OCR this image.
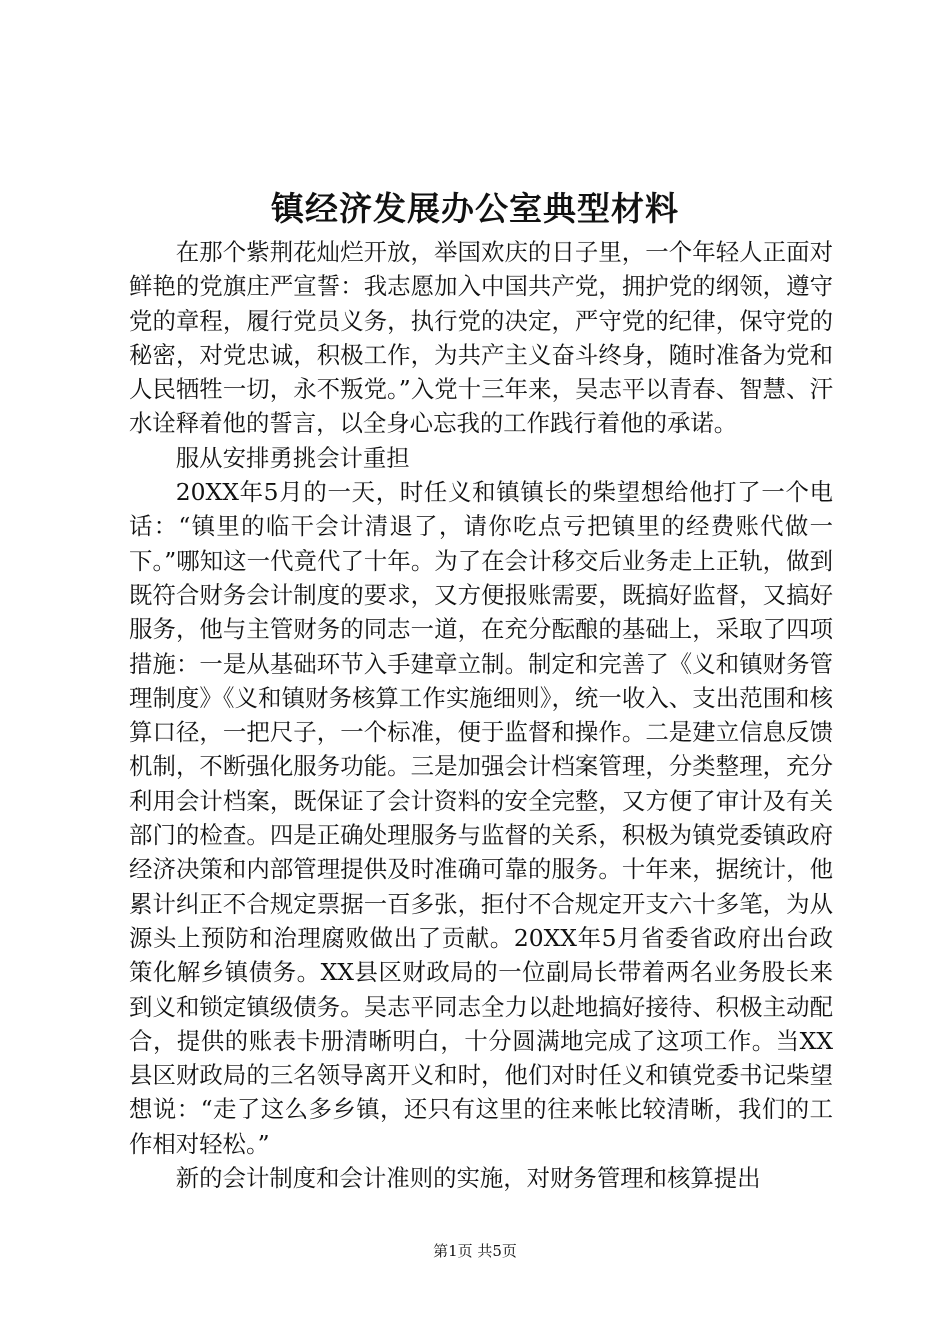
镇经济发展办公室典型材料

在那个紫荆花灿烂开放，举国欢庆的日子里，一个年轻人正面对鲜艳的党旗庄严宣誓：我志愿加入中国共产党，拥护党的纲领，遵守党的章程，履行党员义务，执行党的决定，严守党的纪律，保守党的秘密，对党忠诚，积极工作，为共产主义奋斗终身，随时准备为党和人民牺牲一切，永不叛党。”入党十三年来，吴志平以青春、智慧、汗水诠释着他的誓言，以全身心忘我的工作践行着他的承诺。

服从安排勇挑会计重担

20XX年5月的一天，时任义和镇镇长的柴望想给他打了一个电话：“镇里的临干会计清退了，请你吃点亏把镇里的经费账代做一下。”哪知这一代竟代了十年。为了在会计移交后业务走上正轨，做到既符合财务会计制度的要求，又方便报账需要，既搞好监督，又搞好服务，他与主管财务的同志一道，在充分酝酿的基础上，采取了四项措施：一是从基础环节入手建章立制。制定和完善了《义和镇财务管理制度》《义和镇财务核算工作实施细则》，统一收入、支出范围和核算口径，一把尺子，一个标准，便于监督和操作。二是建立信息反馈机制，不断强化服务功能。三是加强会计档案管理，分类整理，充分利用会计档案，既保证了会计资料的安全完整，又方便了审计及有关部门的检查。四是正确处理服务与监督的关系，积极为镇党委镇政府经济决策和内部管理提供及时准确可靠的服务。十年来，据统计，他累计纠正不合规定票据一百多张，拒付不合规定开支六十多笔，为从源头上预防和治理腐败做出了贡献。20XX年5月省委省政府出台政策化解乡镇债务。XX县区财政局的一位副局长带着两名业务股长来到义和锁定镇级债务。吴志平同志全力以赴地搞好接待、积极主动配合，提供的账表卡册清晰明白，十分圆满地完成了这项工作。当XX县区财政局的三名领导离开义和时，他们对时任义和镇党委书记柴望想说：“走了这么多乡镇，还只有这里的往来帐比较清晰，我们的工作相对轻松。”

新的会计制度和会计准则的实施，对财务管理和核算提出

第1页 共5页
